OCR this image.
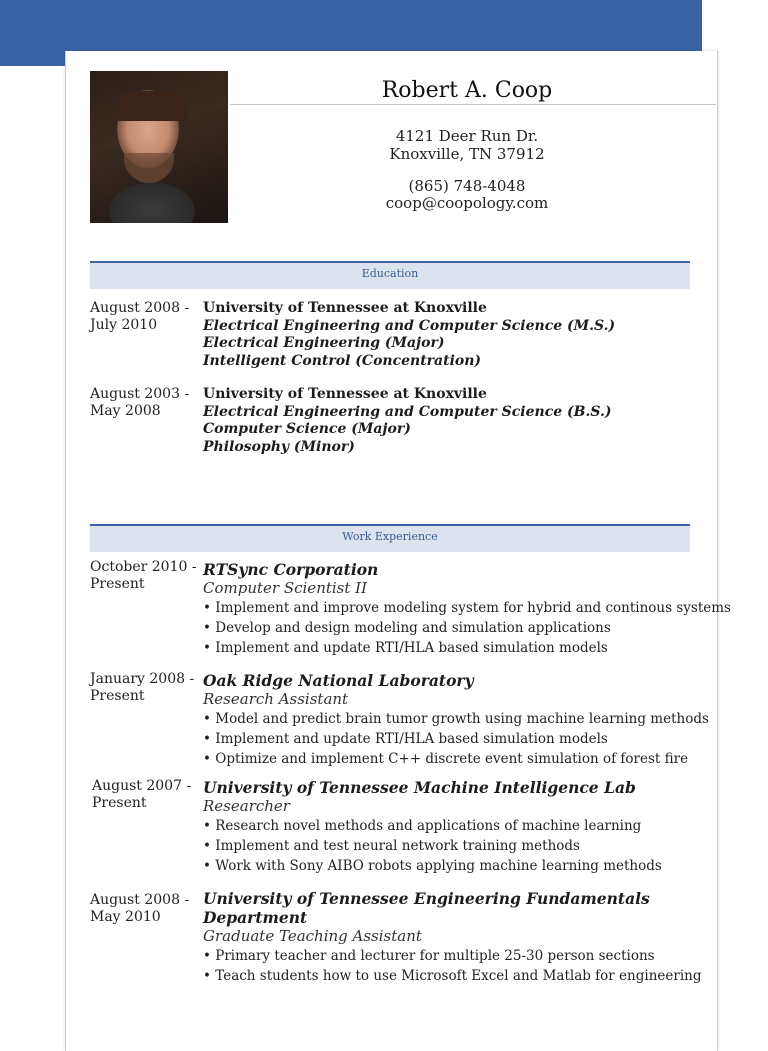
Robert A. Coop
4121 Deer Run Dr.
Knoxville, TN 37912
(865) 748-4048
coop@coopology.com
Education
August 2008 -
July 2010
University of Tennessee at Knoxville
Electrical Engineering and Computer Science (M.S.)
Electrical Engineering (Major)
Intelligent Control (Concentration)
August 2003 -
May 2008
University of Tennessee at Knoxville
Electrical Engineering and Computer Science (B.S.)
Computer Science (Major)
Philosophy (Minor)
Work Experience
October 2010 -
Present
RTSync Corporation
Computer Scientist II
• Implement and improve modeling system for hybrid and continous systems
• Develop and design modeling and simulation applications
• Implement and update RTI/HLA based simulation models
January 2008 -
Present
Oak Ridge National Laboratory
Research Assistant
• Model and predict brain tumor growth using machine learning methods
• Implement and update RTI/HLA based simulation models
• Optimize and implement C++ discrete event simulation of forest fire
August 2007 -
Present
University of Tennessee Machine Intelligence Lab
Researcher
• Research novel methods and applications of machine learning
• Implement and test neural network training methods
• Work with Sony AIBO robots applying machine learning methods
August 2008 -
May 2010
University of Tennessee Engineering Fundamentals
Department
Graduate Teaching Assistant
• Primary teacher and lecturer for multiple 25-30 person sections
• Teach students how to use Microsoft Excel and Matlab for engineering
